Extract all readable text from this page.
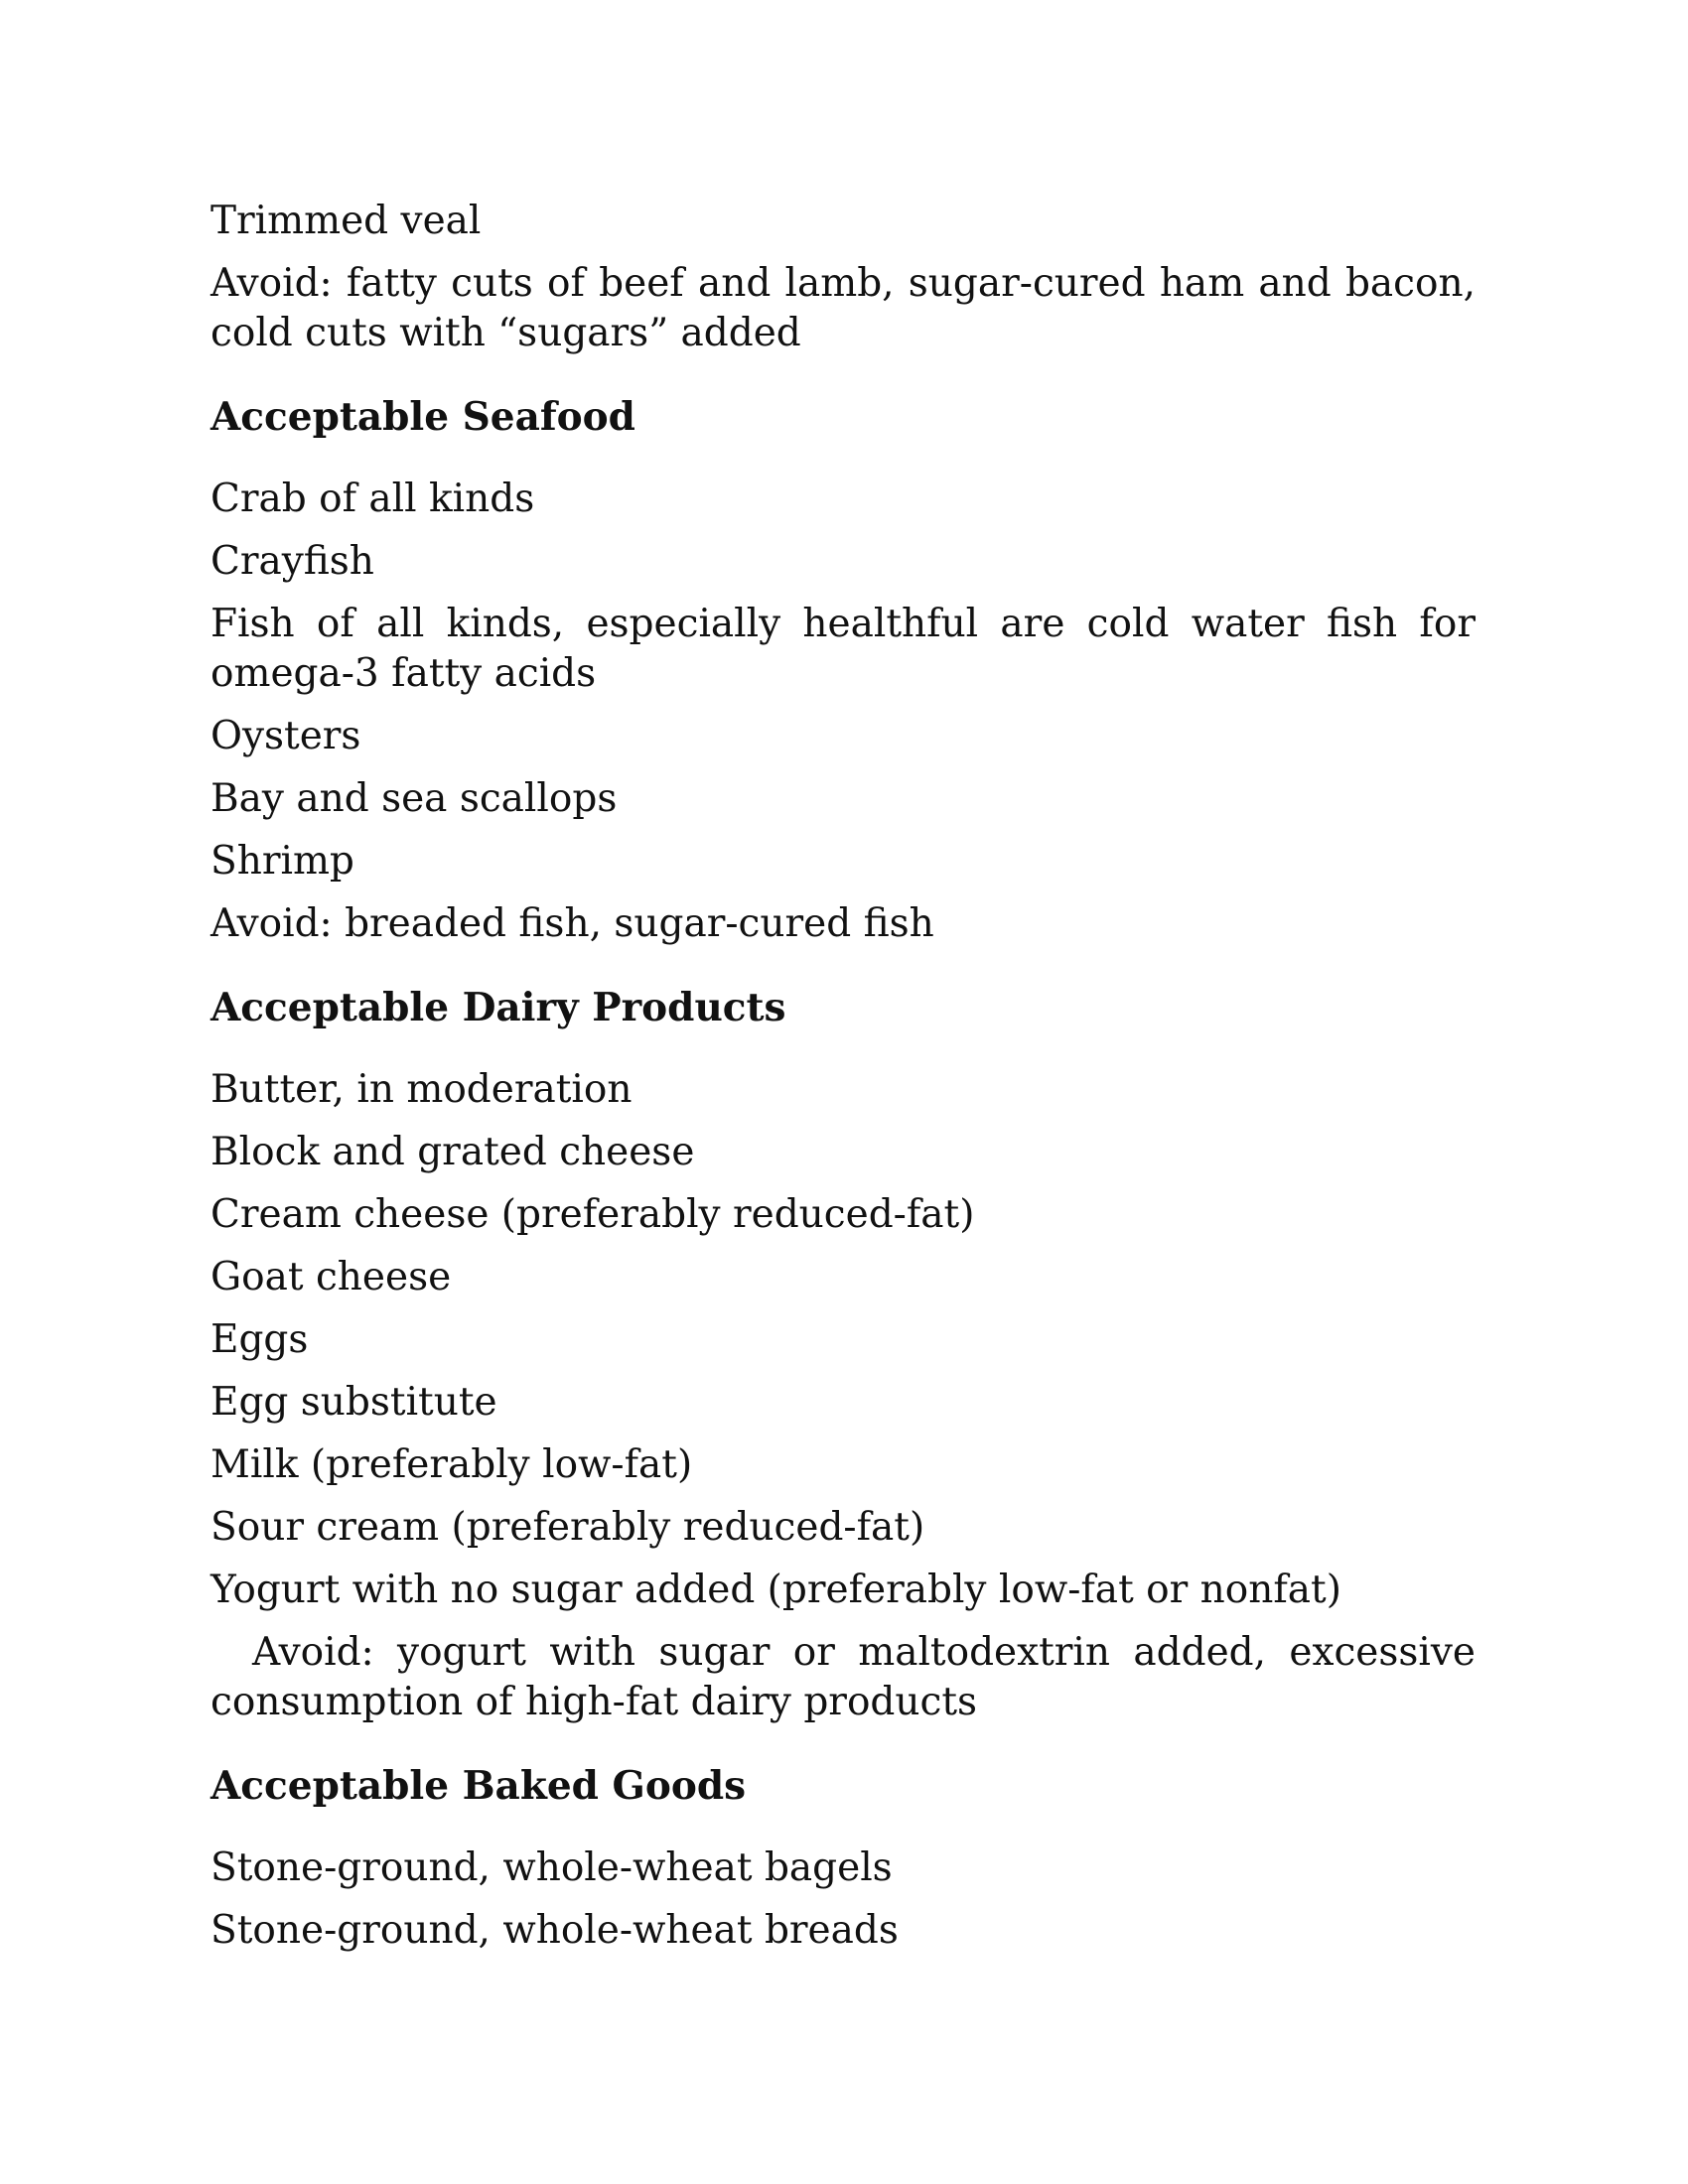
Trimmed veal
Avoid: fatty cuts of beef and lamb, sugar-cured ham and bacon, cold cuts with “sugars” added
Acceptable Seafood
Crab of all kinds
Crayfish
Fish of all kinds, especially healthful are cold water fish for omega-3 fatty acids
Oysters
Bay and sea scallops
Shrimp
Avoid: breaded fish, sugar-cured fish
Acceptable Dairy Products
Butter, in moderation
Block and grated cheese
Cream cheese (preferably reduced-fat)
Goat cheese
Eggs
Egg substitute
Milk (preferably low-fat)
Sour cream (preferably reduced-fat)
Yogurt with no sugar added (preferably low-fat or nonfat)
Avoid: yogurt with sugar or maltodextrin added, excessive consumption of high-fat dairy products
Acceptable Baked Goods
Stone-ground, whole-wheat bagels
Stone-ground, whole-wheat breads
